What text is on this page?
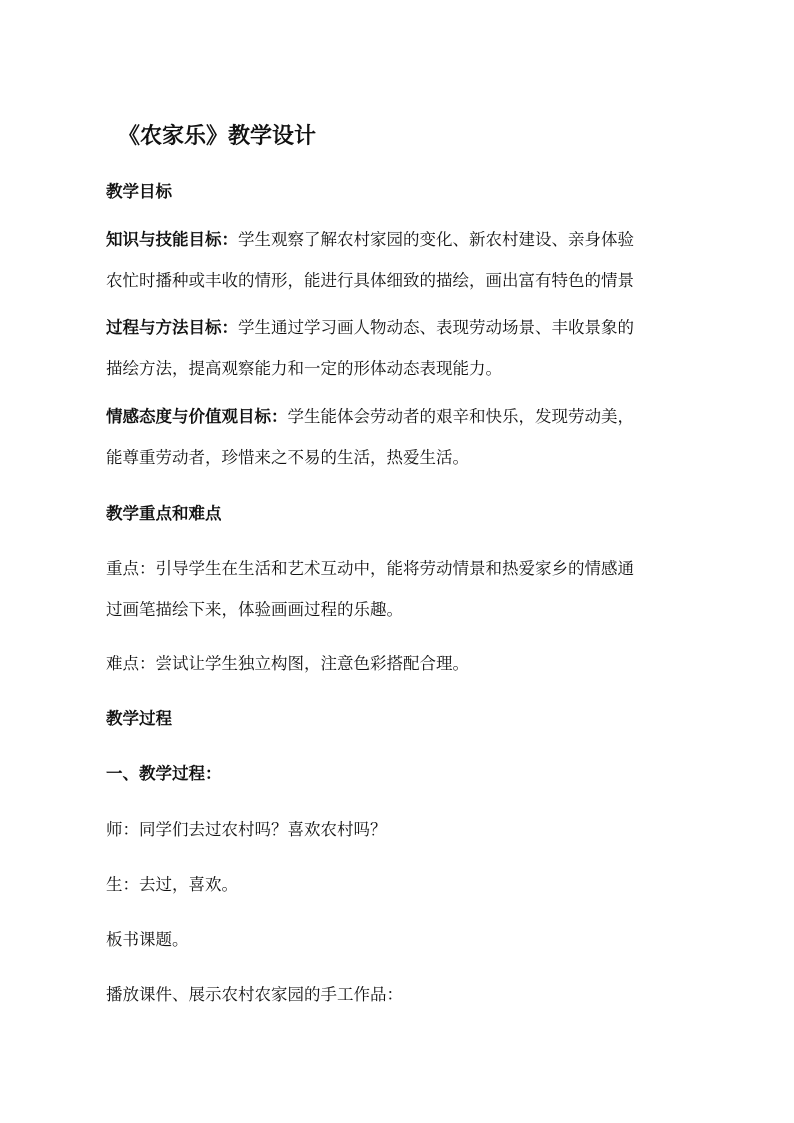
《农家乐》教学设计

教学目标

知识与技能目标：学生观察了解农村家园的变化、新农村建设、亲身体验

农忙时播种或丰收的情形，能进行具体细致的描绘，画出富有特色的情景

过程与方法目标：学生通过学习画人物动态、表现劳动场景、丰收景象的

描绘方法，提高观察能力和一定的形体动态表现能力。

情感态度与价值观目标：学生能体会劳动者的艰辛和快乐，发现劳动美，

能尊重劳动者，珍惜来之不易的生活，热爱生活。

教学重点和难点

重点：引导学生在生活和艺术互动中，能将劳动情景和热爱家乡的情感通

过画笔描绘下来，体验画画过程的乐趣。

难点：尝试让学生独立构图，注意色彩搭配合理。

教学过程

一、教学过程：

师：同学们去过农村吗？喜欢农村吗？

生：去过，喜欢。

板书课题。

播放课件、展示农村农家园的手工作品：
